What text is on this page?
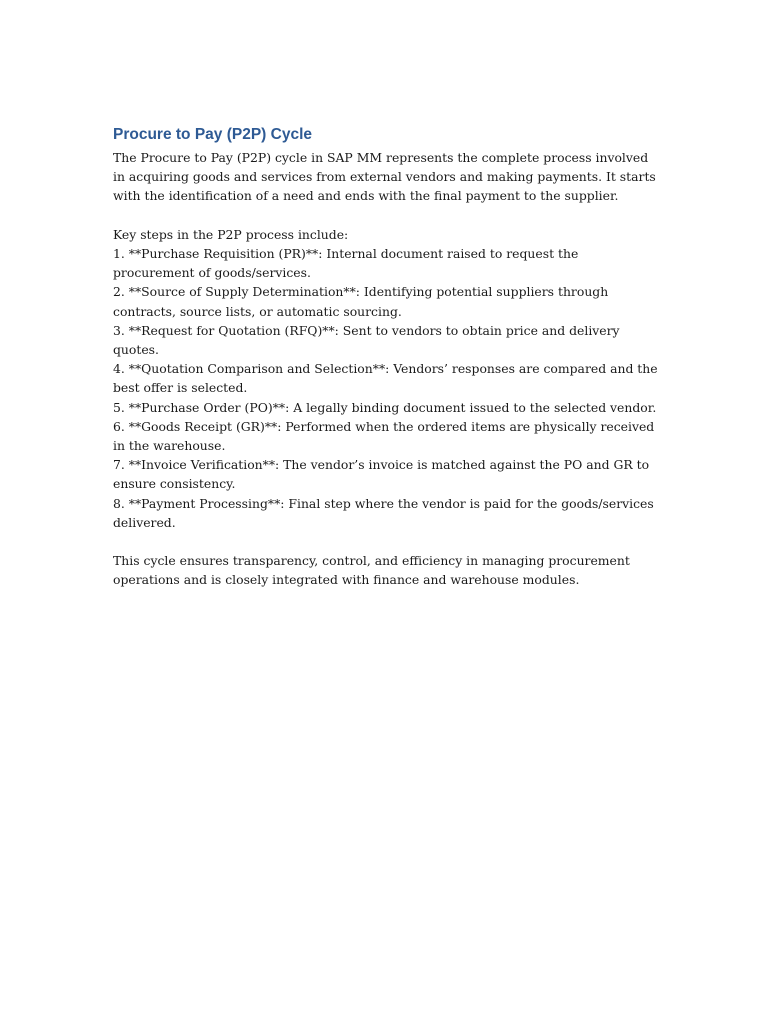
Procure to Pay (P2P) Cycle

The Procure to Pay (P2P) cycle in SAP MM represents the complete process involved in acquiring goods and services from external vendors and making payments. It starts with the identification of a need and ends with the final payment to the supplier.

Key steps in the P2P process include:

1. **Purchase Requisition (PR)**: Internal document raised to request the procurement of goods/services.

2. **Source of Supply Determination**: Identifying potential suppliers through contracts, source lists, or automatic sourcing.

3. **Request for Quotation (RFQ)**: Sent to vendors to obtain price and delivery quotes.

4. **Quotation Comparison and Selection**: Vendors’ responses are compared and the best offer is selected.

5. **Purchase Order (PO)**: A legally binding document issued to the selected vendor.

6. **Goods Receipt (GR)**: Performed when the ordered items are physically received in the warehouse.

7. **Invoice Verification**: The vendor’s invoice is matched against the PO and GR to ensure consistency.

8. **Payment Processing**: Final step where the vendor is paid for the goods/services delivered.

This cycle ensures transparency, control, and efficiency in managing procurement operations and is closely integrated with finance and warehouse modules.
